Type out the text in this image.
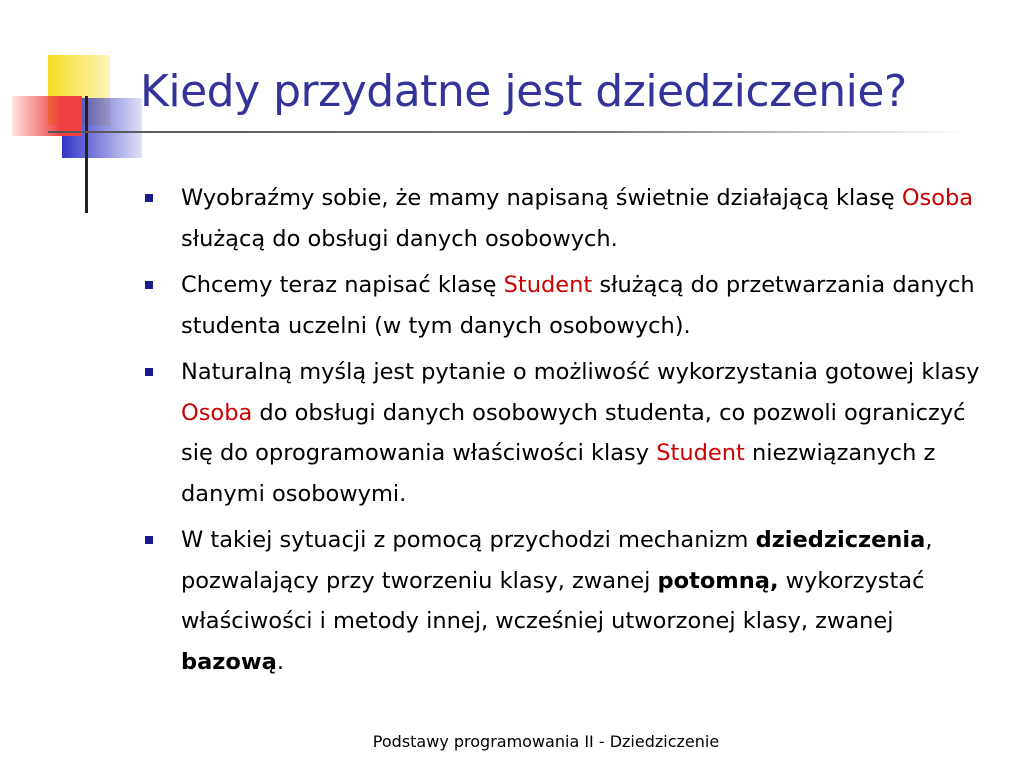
Kiedy przydatne jest dziedziczenie?
Wyobraźmy sobie, że mamy napisaną świetnie działającą klasę Osoba służącą do obsługi danych osobowych.
Chcemy teraz napisać klasę Student służącą do przetwarzania danych studenta uczelni (w tym danych osobowych).
Naturalną myślą jest pytanie o możliwość wykorzystania gotowej klasy Osoba do obsługi danych osobowych studenta, co pozwoli ograniczyć się do oprogramowania właściwości klasy Student niezwiązanych z danymi osobowymi.
W takiej sytuacji z pomocą przychodzi mechanizm dziedziczenia, pozwalający przy tworzeniu klasy, zwanej potomną, wykorzystać właściwości i metody innej, wcześniej utworzonej klasy, zwanej bazową.
Podstawy programowania II - Dziedziczenie
